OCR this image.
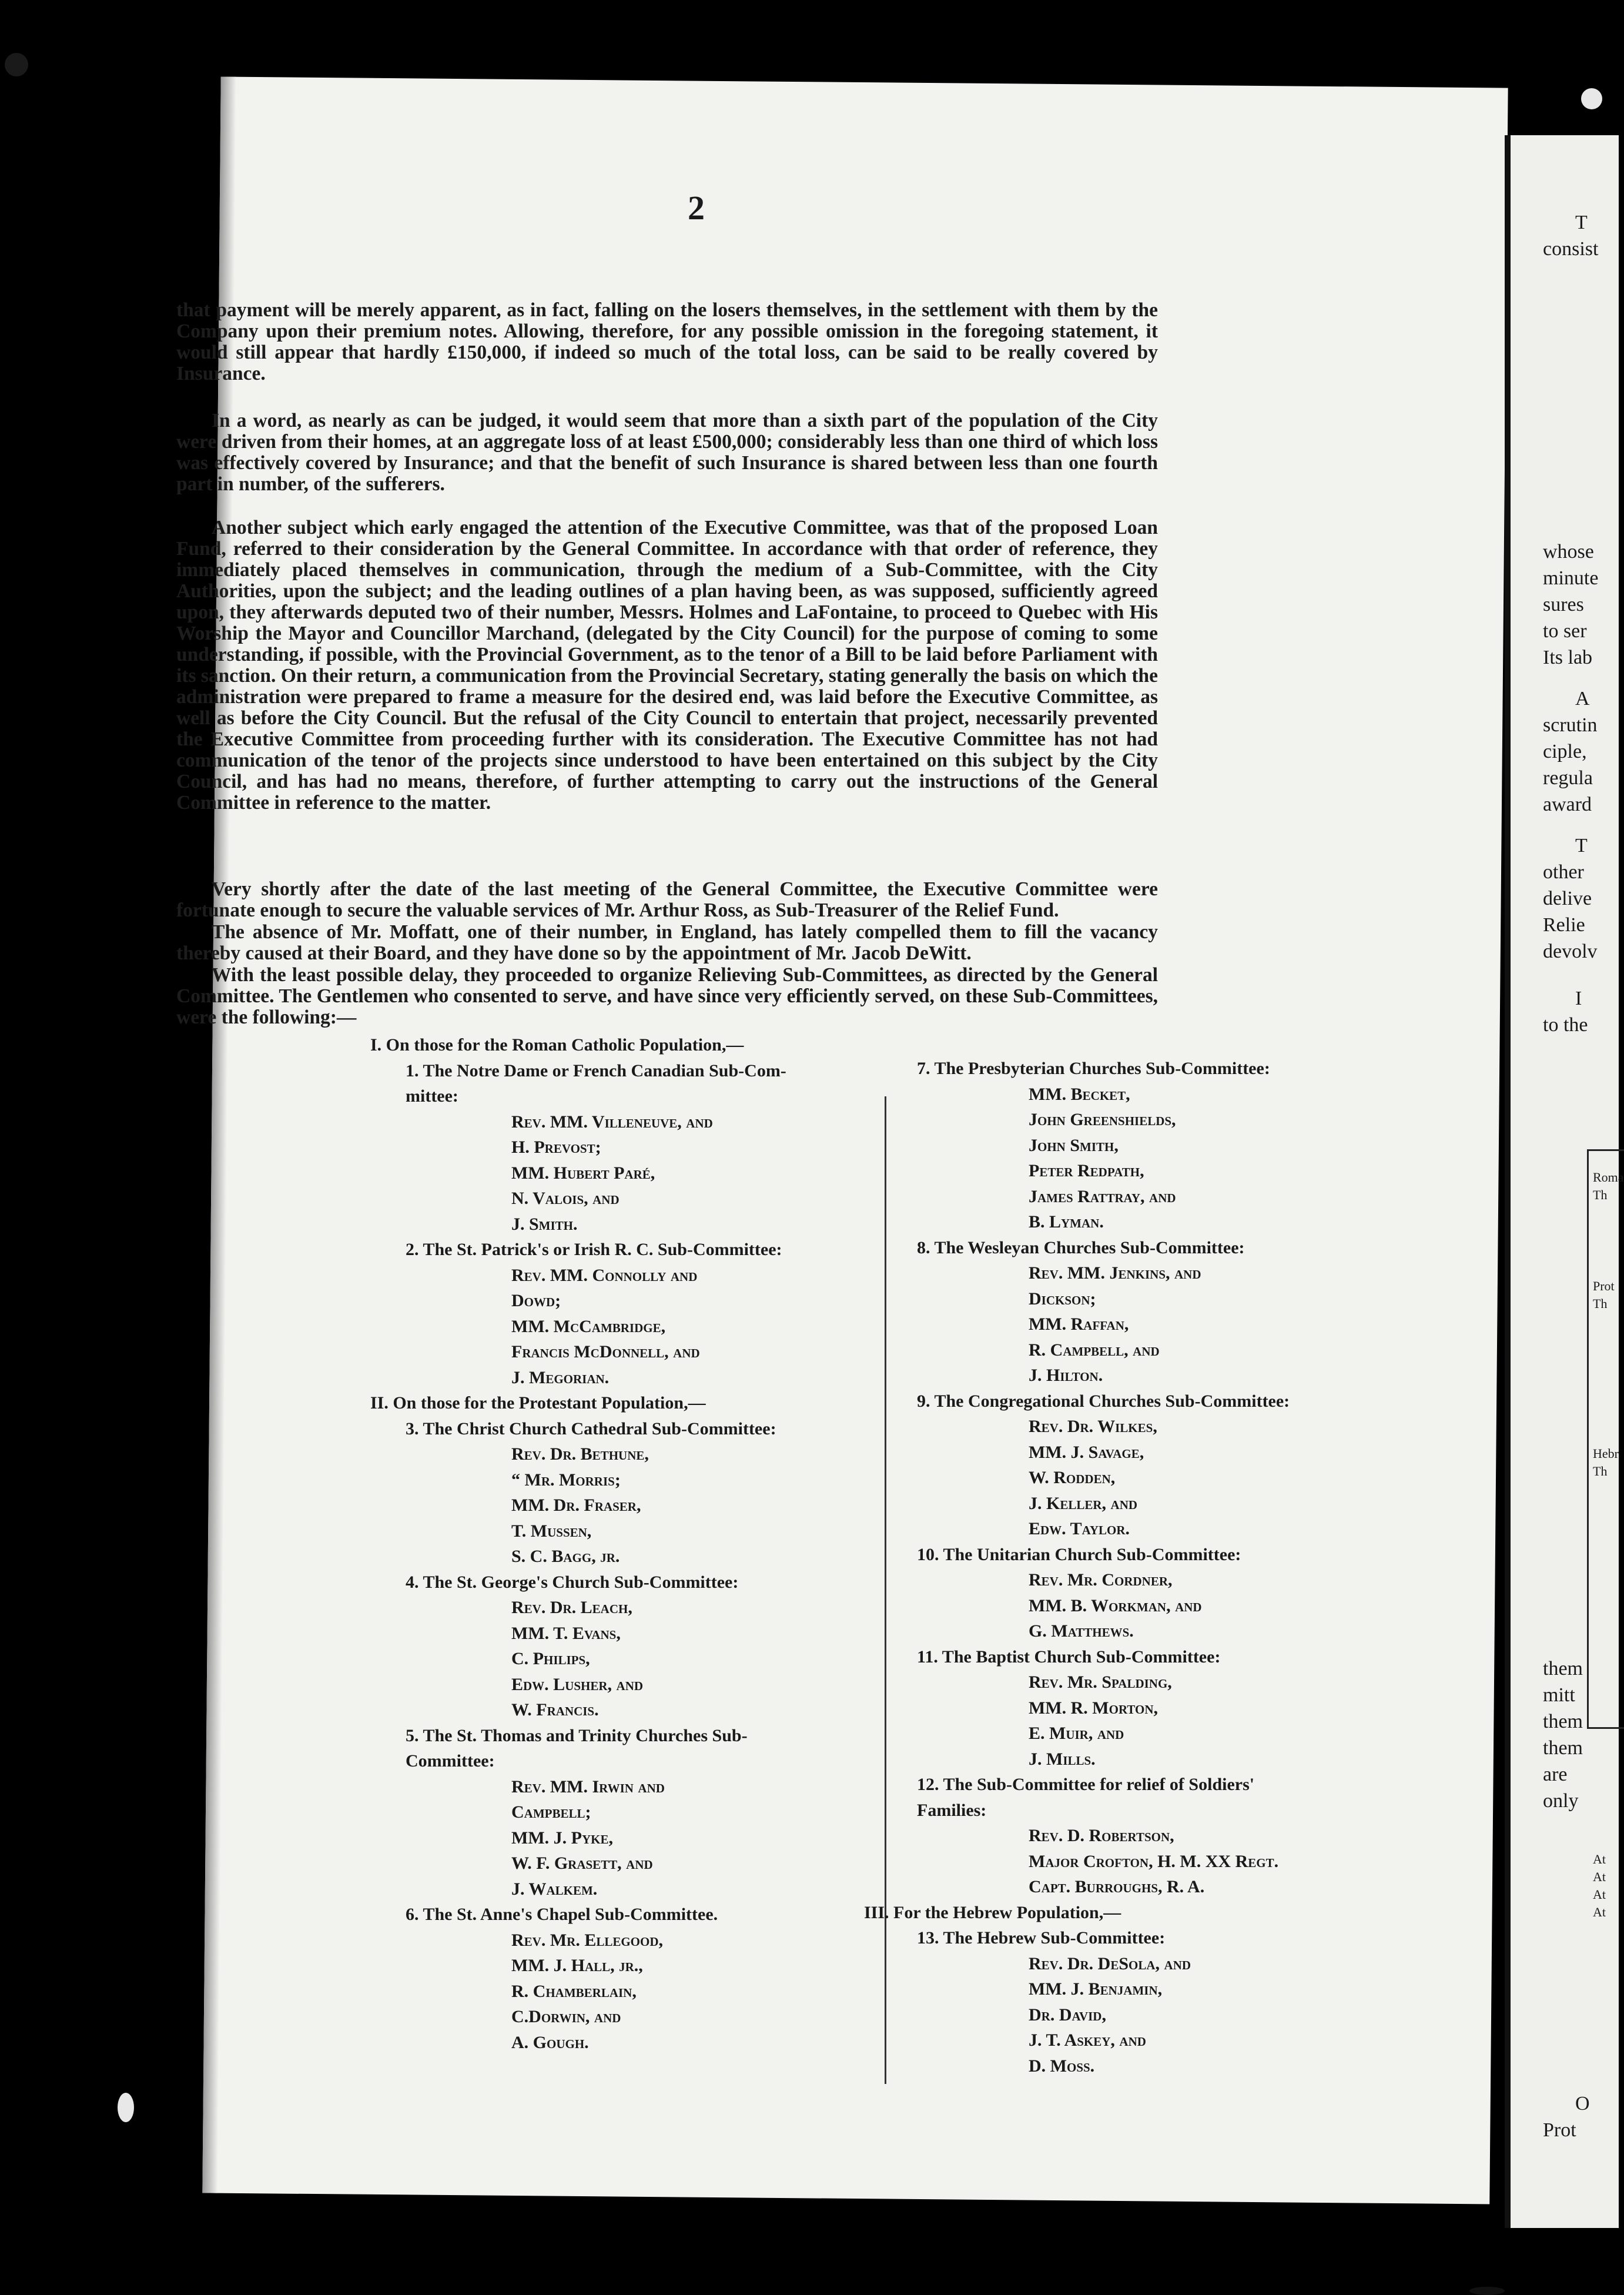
T
consist
whose
minute
sures
to ser
Its lab
A
scrutin
ciple,
regula
award
T
other
delive
Relie
devolv
I
to the
them
mitt
them
them
are
only
O
Prot
Roma
Th
Prot
Th
Hebr
Th
At
At
At
At
2

that payment will be merely apparent, as in fact, falling on the losers themselves, in the settlement with them by the Company upon their premium notes. Allowing, therefore, for any possible omission in the foregoing statement, it would still appear that hardly £150,000, if indeed so much of the total loss, can be said to be really covered by Insurance.

In a word, as nearly as can be judged, it would seem that more than a sixth part of the population of the City were driven from their homes, at an aggregate loss of at least £500,000; considerably less than one third of which loss was effectively covered by Insurance; and that the benefit of such Insurance is shared between less than one fourth part in number, of the sufferers.

Another subject which early engaged the attention of the Executive Committee, was that of the proposed Loan Fund, referred to their consideration by the General Committee. In accordance with that order of reference, they immediately placed themselves in communication, through the medium of a Sub-Committee, with the City Authorities, upon the subject; and the leading outlines of a plan having been, as was supposed, sufficiently agreed upon, they afterwards deputed two of their number, Messrs. Holmes and LaFontaine, to proceed to Quebec with His Worship the Mayor and Councillor Marchand, (delegated by the City Council) for the purpose of coming to some understanding, if possible, with the Provincial Government, as to the tenor of a Bill to be laid before Parliament with its sanction. On their return, a communication from the Provincial Secretary, stating generally the basis on which the administration were prepared to frame a measure for the desired end, was laid before the Executive Committee, as well as before the City Council. But the refusal of the City Council to entertain that project, necessarily prevented the Executive Committee from proceeding further with its consideration. The Executive Committee has not had communication of the tenor of the projects since understood to have been entertained on this subject by the City Council, and has had no means, therefore, of further attempting to carry out the instructions of the General Committee in reference to the matter.

Very shortly after the date of the last meeting of the General Committee, the Executive Committee were fortunate enough to secure the valuable services of Mr. Arthur Ross, as Sub-Treasurer of the Relief Fund.

The absence of Mr. Moffatt, one of their number, in England, has lately compelled them to fill the vacancy thereby caused at their Board, and they have done so by the appointment of Mr. Jacob DeWitt.

With the least possible delay, they proceeded to organize Relieving Sub-Committees, as directed by the General Committee. The Gentlemen who consented to serve, and have since very efficiently served, on these Sub-Committees, were the following:—

I. On those for the Roman Catholic Population,—
1. The Notre Dame or French Canadian Sub-Com-
mittee:
Rev. MM. Villeneuve, and
H. Prevost;
MM. Hubert Paré,
N. Valois, and
J. Smith.
2. The St. Patrick's or Irish R. C. Sub-Committee:
Rev. MM. Connolly and
Dowd;
MM. McCambridge,
Francis McDonnell, and
J. Megorian.
II. On those for the Protestant Population,—
3. The Christ Church Cathedral Sub-Committee:
Rev. Dr. Bethune,
“ Mr. Morris;
MM. Dr. Fraser,
T. Mussen,
S. C. Bagg, jr.
4. The St. George's Church Sub-Committee:
Rev. Dr. Leach,
MM. T. Evans,
C. Philips,
Edw. Lusher, and
W. Francis.
5. The St. Thomas and Trinity Churches Sub-
Committee:
Rev. MM. Irwin and
Campbell;
MM. J. Pyke,
W. F. Grasett, and
J. Walkem.
6. The St. Anne's Chapel Sub-Committee.
Rev. Mr. Ellegood,
MM. J. Hall, jr.,
R. Chamberlain,
C.Dorwin, and
A. Gough.
7. The Presbyterian Churches Sub-Committee:
MM. Becket,
John Greenshields,
John Smith,
Peter Redpath,
James Rattray, and
B. Lyman.
8. The Wesleyan Churches Sub-Committee:
Rev. MM. Jenkins, and
Dickson;
MM. Raffan,
R. Campbell, and
J. Hilton.
9. The Congregational Churches Sub-Committee:
Rev. Dr. Wilkes,
MM. J. Savage,
W. Rodden,
J. Keller, and
Edw. Taylor.
10. The Unitarian Church Sub-Committee:
Rev. Mr. Cordner,
MM. B. Workman, and
G. Matthews.
11. The Baptist Church Sub-Committee:
Rev. Mr. Spalding,
MM. R. Morton,
E. Muir, and
J. Mills.
12. The Sub-Committee for relief of Soldiers'
Families:
Rev. D. Robertson,
Major Crofton, H. M. XX Regt.
Capt. Burroughs, R. A.
III. For the Hebrew Population,—
13. The Hebrew Sub-Committee:
Rev. Dr. DeSola, and
MM. J. Benjamin,
Dr. David,
J. T. Askey, and
D. Moss.
